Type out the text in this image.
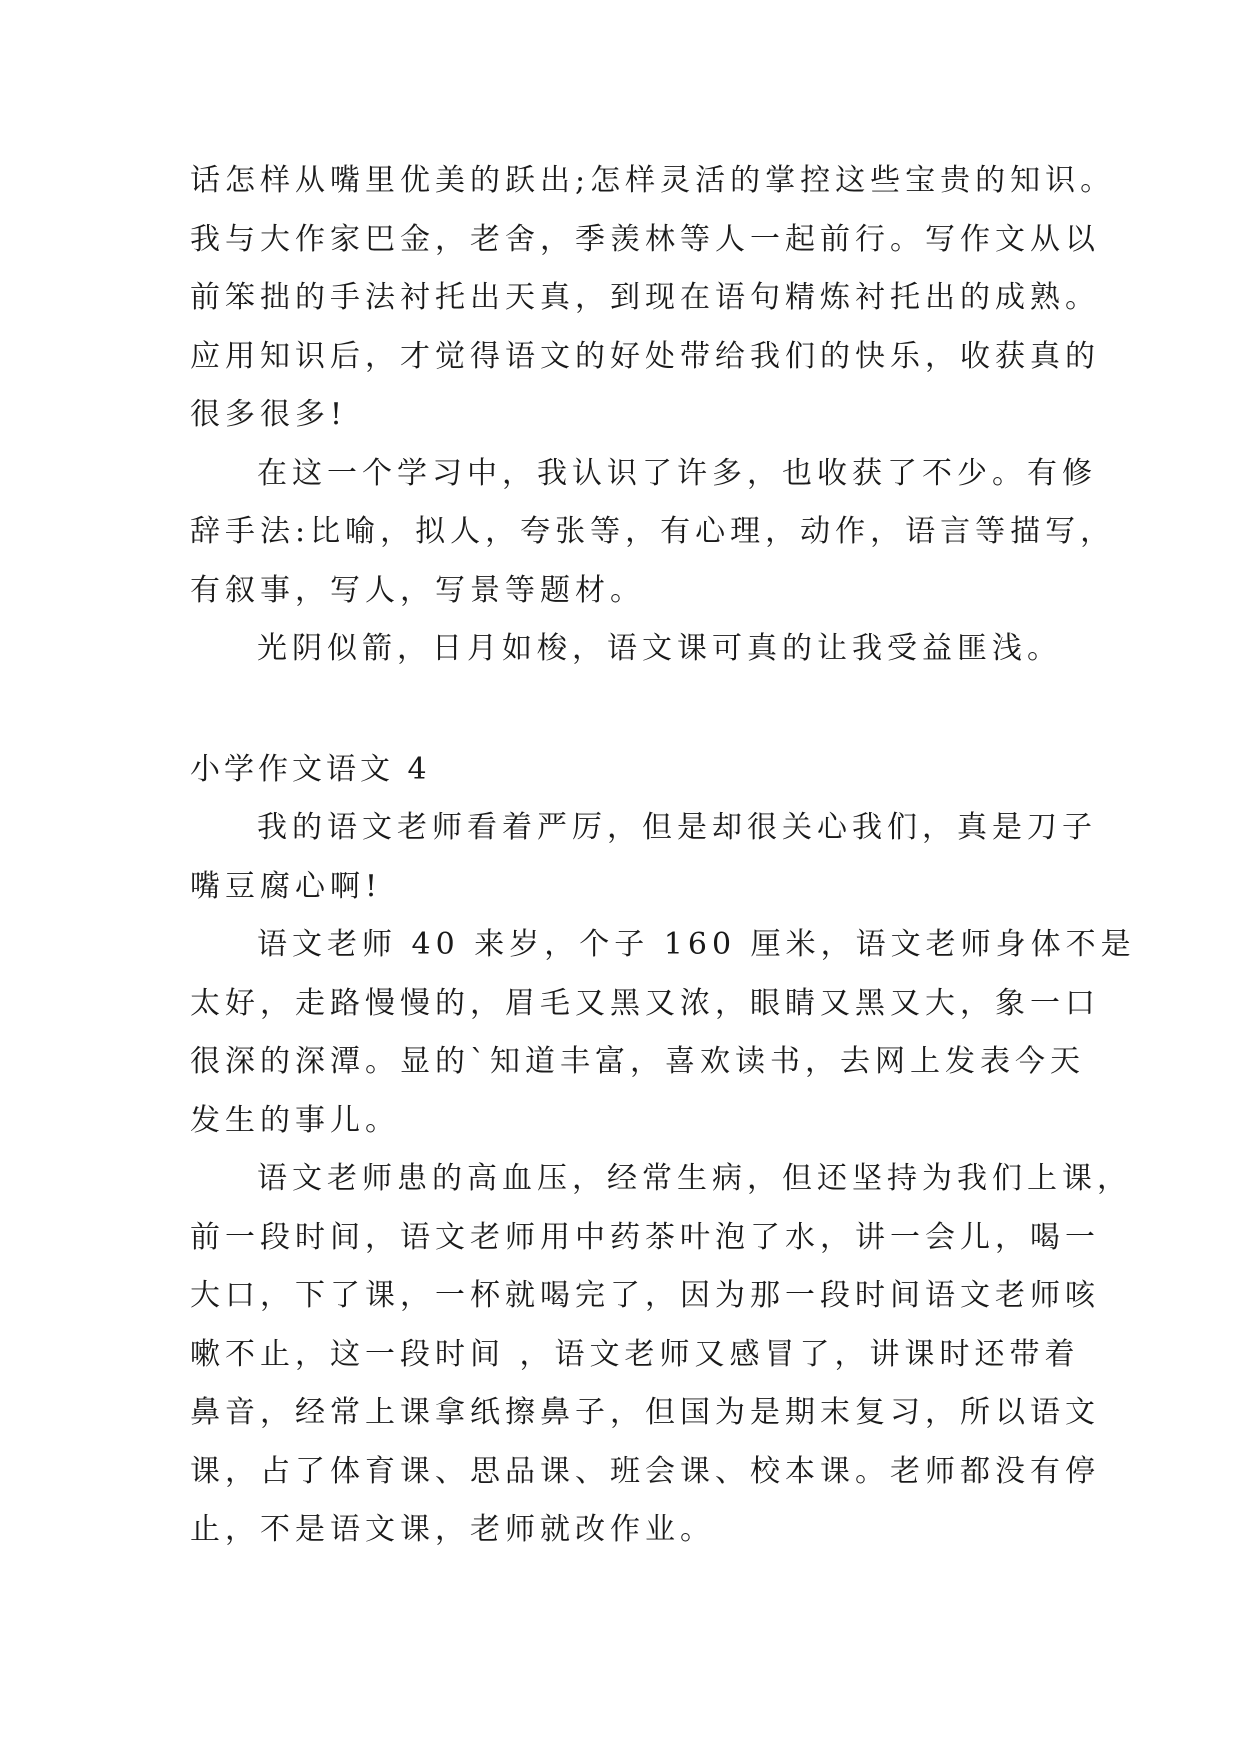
话怎样从嘴里优美的跃出;怎样灵活的掌控这些宝贵的知识。
我与大作家巴金，老舍，季羡林等人一起前行。写作文从以
前笨拙的手法衬托出天真，到现在语句精炼衬托出的成熟。
应用知识后，才觉得语文的好处带给我们的快乐，收获真的
很多很多!
在这一个学习中，我认识了许多，也收获了不少。有修
辞手法:比喻，拟人，夸张等，有心理，动作，语言等描写，
有叙事，写人，写景等题材。
光阴似箭，日月如梭，语文课可真的让我受益匪浅。
小学作文语文 4
我的语文老师看着严厉，但是却很关心我们，真是刀子
嘴豆腐心啊!
语文老师 40 来岁，个子 160 厘米，语文老师身体不是
太好，走路慢慢的，眉毛又黑又浓，眼睛又黑又大，象一口
很深的深潭。显的`知道丰富，喜欢读书，去网上发表今天
发生的事儿。
语文老师患的高血压，经常生病，但还坚持为我们上课，
前一段时间，语文老师用中药茶叶泡了水，讲一会儿，喝一
大口，下了课，一杯就喝完了，因为那一段时间语文老师咳
嗽不止，这一段时间 ，语文老师又感冒了，讲课时还带着
鼻音，经常上课拿纸擦鼻子，但国为是期末复习，所以语文
课，占了体育课、思品课、班会课、校本课。老师都没有停
止，不是语文课，老师就改作业。
